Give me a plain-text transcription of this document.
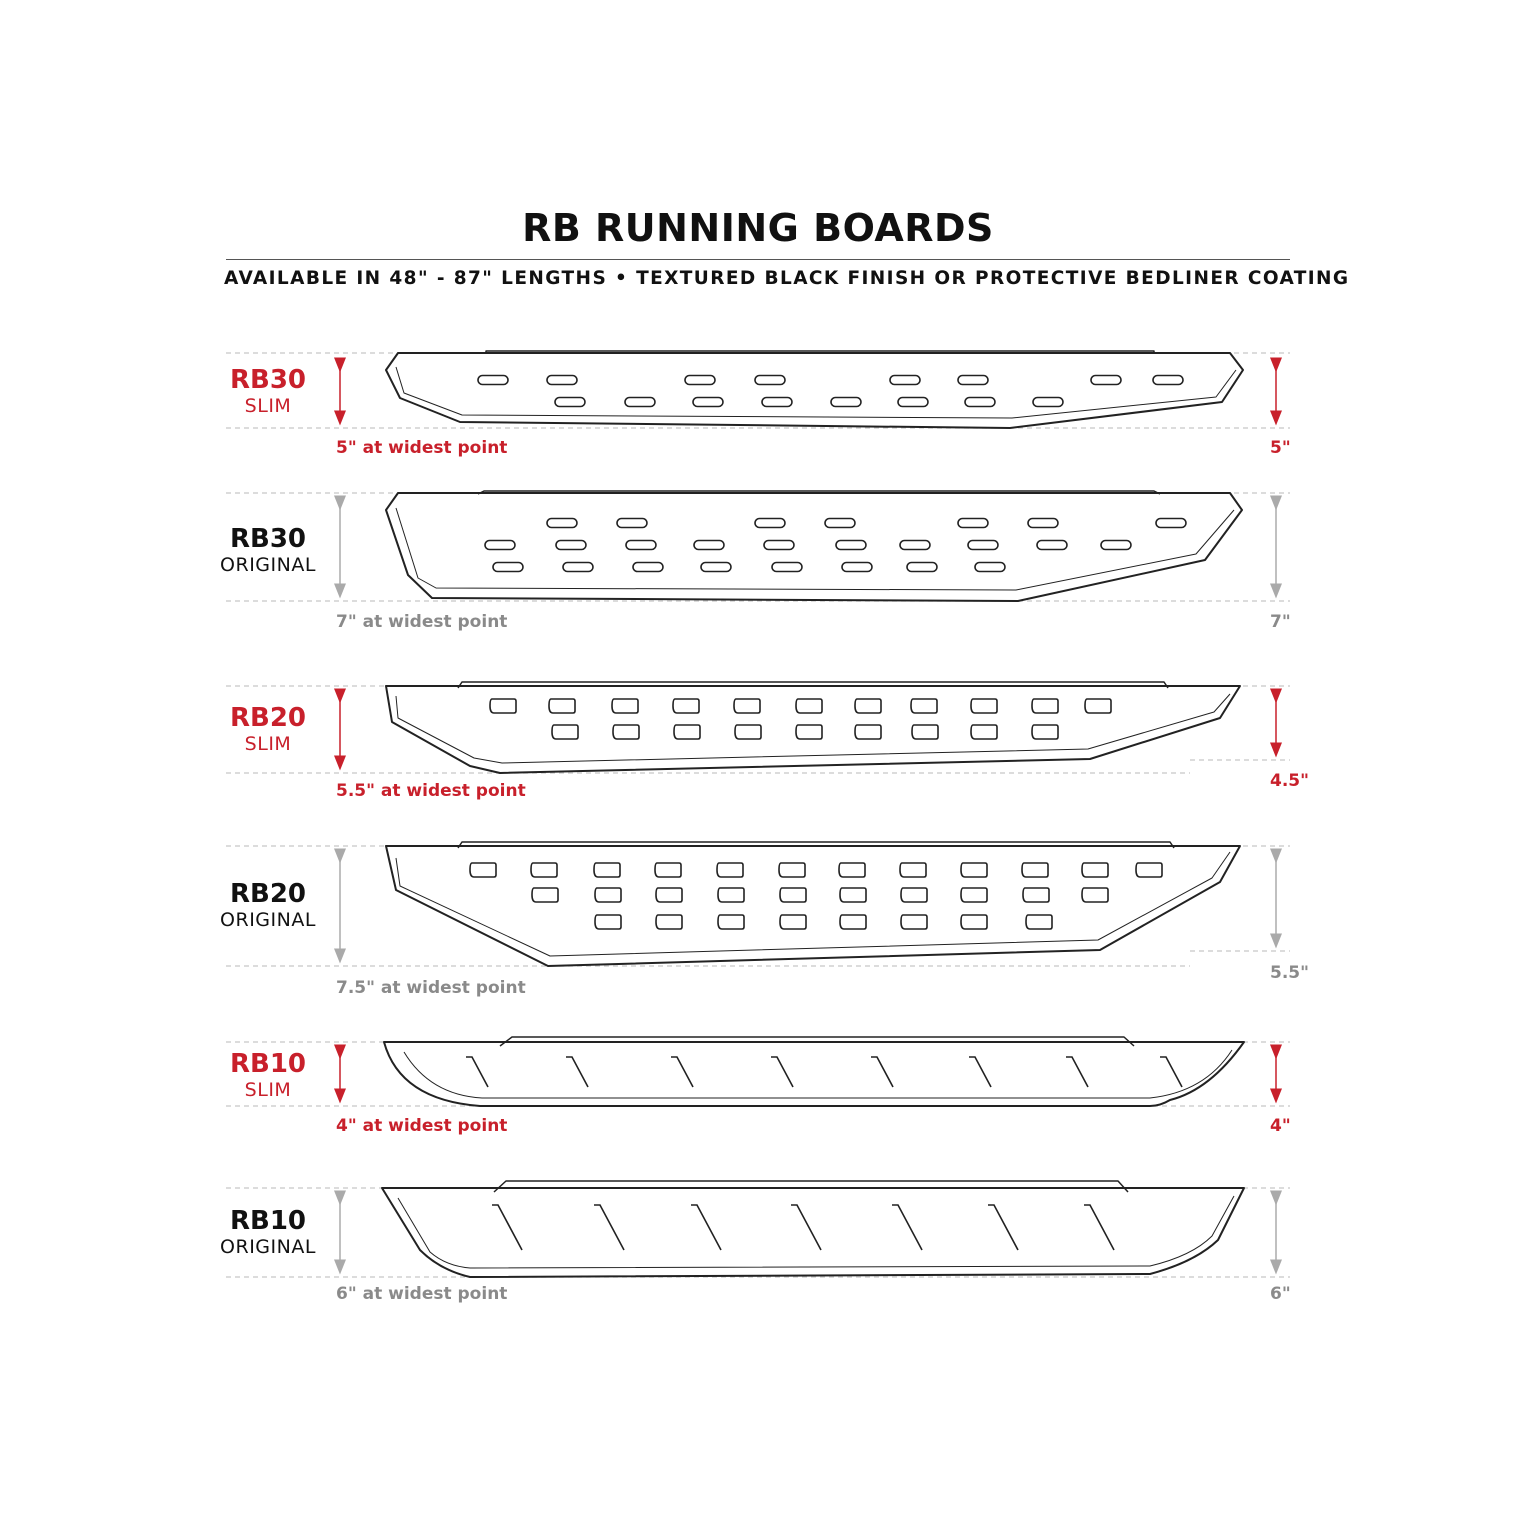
RB RUNNING BOARDS
AVAILABLE IN 48" - 87" LENGTHS • TEXTURED BLACK FINISH OR PROTECTIVE BEDLINER COATING
RB30
SLIM
5" at widest point	5"
RB30
ORIGINAL
7" at widest point	7"
RB20
SLIM
5.5" at widest point	4.5"
RB20
ORIGINAL
7.5" at widest point
5.5"
RB10
SLIM
4" at widest point	4"
RB10
ORIGINAL
6" at widest point	6"
